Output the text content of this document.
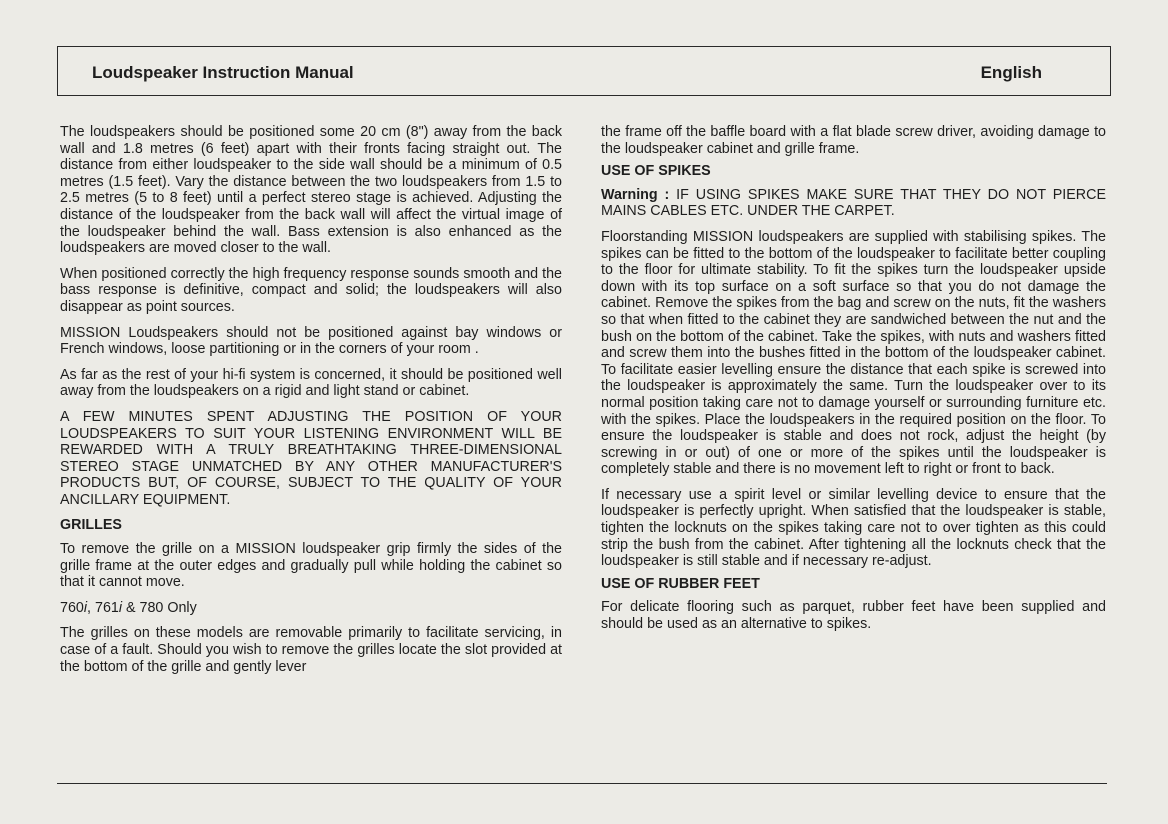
Loudspeaker Instruction Manual	English

The loudspeakers should be positioned some 20 cm (8") away from the back wall and 1.8 metres (6 feet) apart with their fronts facing straight out. The distance from either loudspeaker to the side wall should be a minimum of 0.5 metres (1.5 feet). Vary the distance between the two loudspeakers from 1.5 to 2.5 metres (5 to 8 feet) until a perfect stereo stage is achieved. Adjusting the distance of the loudspeaker from the back wall will affect the virtual image of the loudspeaker behind the wall. Bass extension is also enhanced as the loudspeakers are moved closer to the wall.

When positioned correctly the high frequency response sounds smooth and the bass response is definitive, compact and solid; the loudspeakers will also disappear as point sources.

MISSION Loudspeakers should not be positioned against bay windows or French windows, loose partitioning or in the corners of your room .

As far as the rest of your hi-fi system is concerned, it should be positioned well away from the loudspeakers on a rigid and light stand or cabinet.

A FEW MINUTES SPENT ADJUSTING THE POSITION OF YOUR LOUDSPEAKERS TO SUIT YOUR LISTENING ENVIRONMENT WILL BE REWARDED WITH A TRULY BREATHTAKING THREE-DIMENSIONAL STEREO STAGE UNMATCHED BY ANY OTHER MANUFACTURER'S PRODUCTS BUT, OF COURSE, SUBJECT TO THE QUALITY OF YOUR ANCILLARY EQUIPMENT.

GRILLES

To remove the grille on a MISSION loudspeaker grip firmly the sides of the grille frame at the outer edges and gradually pull while holding the cabinet so that it cannot move.

760i, 761i & 780 Only

The grilles on these models are removable primarily to facilitate servicing, in case of a fault. Should you wish to remove the grilles locate the slot provided at the bottom of the grille and gently lever

the frame off the baffle board with a flat blade screw driver, avoiding damage to the loudspeaker cabinet and grille frame.

USE OF SPIKES

Warning : IF USING SPIKES MAKE SURE THAT THEY DO NOT PIERCE MAINS CABLES ETC. UNDER THE CARPET.

Floorstanding MISSION loudspeakers are supplied with stabilising spikes. The spikes can be fitted to the bottom of the loudspeaker to facilitate better coupling to the floor for ultimate stability. To fit the spikes turn the loudspeaker upside down with its top surface on a soft surface so that you do not damage the cabinet. Remove the spikes from the bag and screw on the nuts, fit the washers so that when fitted to the cabinet they are sandwiched between the nut and the bush on the bottom of the cabinet. Take the spikes, with nuts and washers fitted and screw them into the bushes fitted in the bottom of the loudspeaker cabinet. To facilitate easier levelling ensure the distance that each spike is screwed into the loudspeaker is approximately the same. Turn the loudspeaker over to its normal position taking care not to damage yourself or surrounding furniture etc. with the spikes. Place the loudspeakers in the required position on the floor. To ensure the loudspeaker is stable and does not rock, adjust the height (by screwing in or out) of one or more of the spikes until the loudspeaker is completely stable and there is no movement left to right or front to back.

If necessary use a spirit level or similar levelling device to ensure that the loudspeaker is perfectly upright. When satisfied that the loudspeaker is stable, tighten the locknuts on the spikes taking care not to over tighten as this could strip the bush from the cabinet. After tightening all the locknuts check that the loudspeaker is still stable and if necessary re-adjust.

USE OF RUBBER FEET

For delicate flooring such as parquet, rubber feet have been supplied and should be used as an alternative to spikes.
